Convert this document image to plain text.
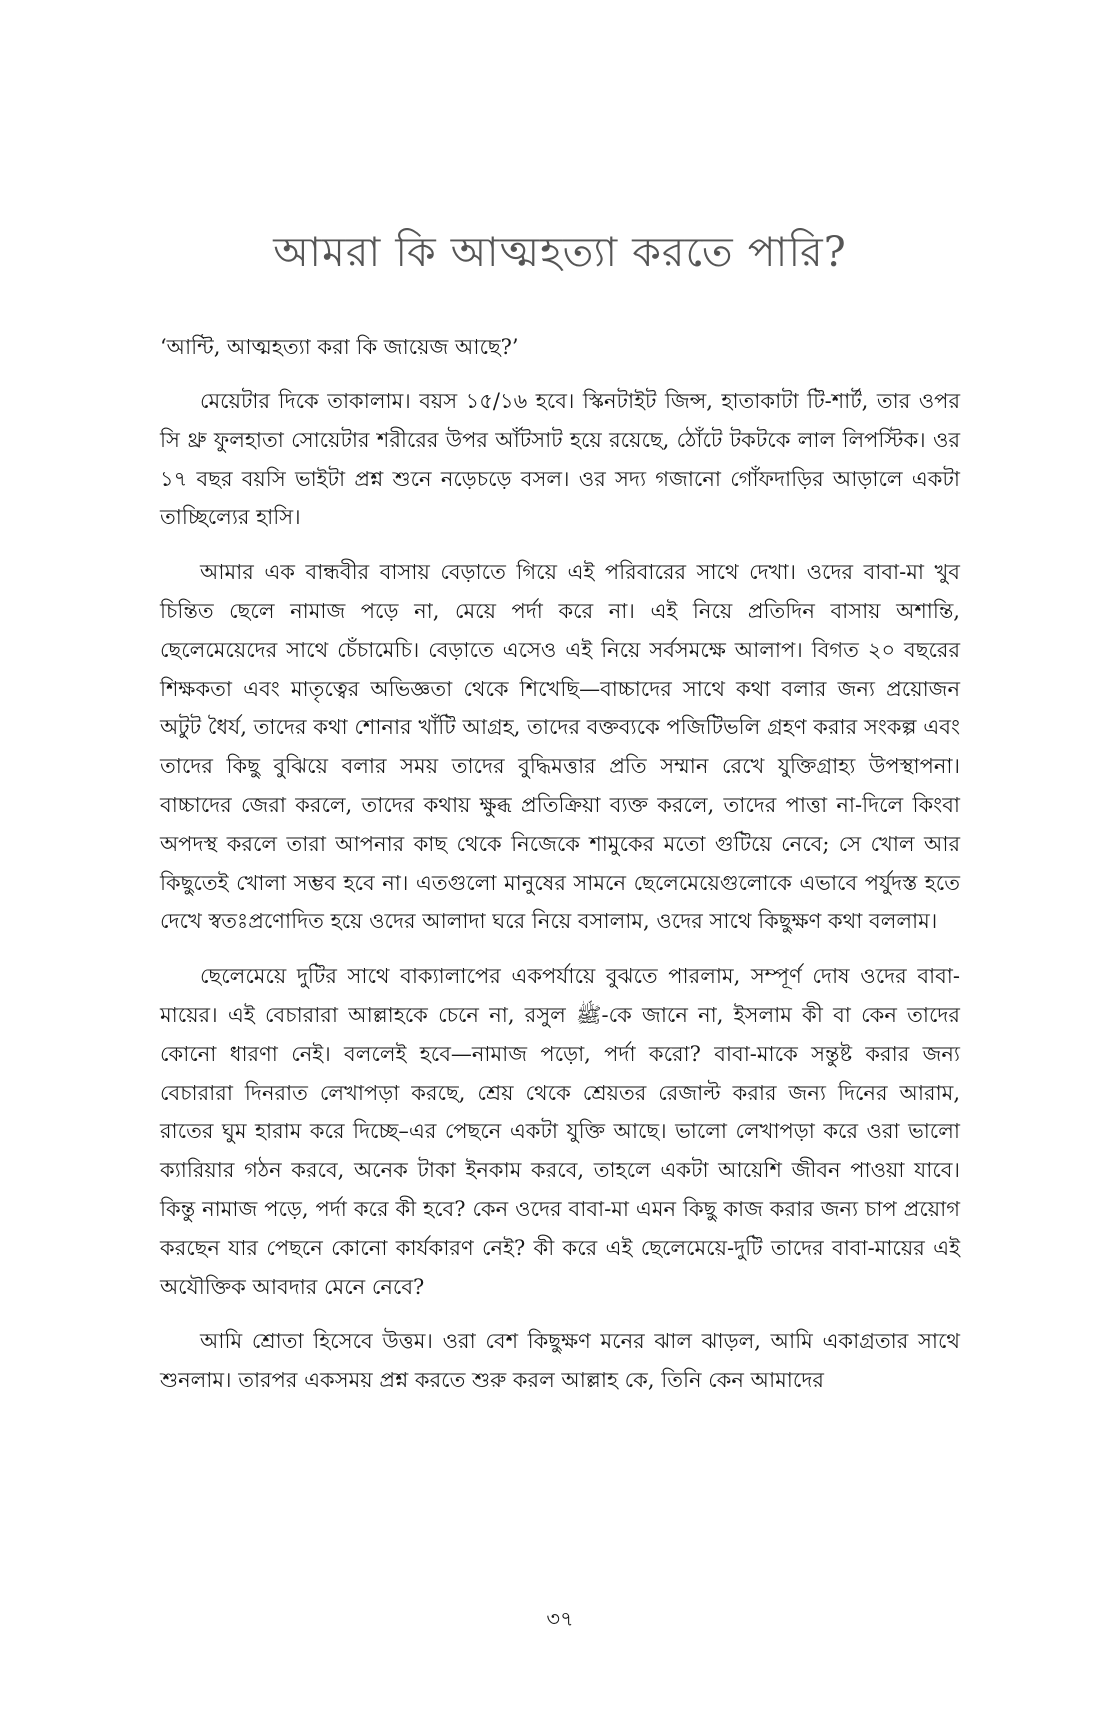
আমরা কি আত্মহত্যা করতে পারি?

‘আন্টি, আত্মহত্যা করা কি জায়েজ আছে?’

মেয়েটার দিকে তাকালাম। বয়স ১৫/১৬ হবে। স্কিনটাইট জিন্স, হাতাকাটা টি-শার্ট, তার ওপর সি থ্রু ফুলহাতা সোয়েটার শরীরের উপর আঁটসাট হয়ে রয়েছে, ঠোঁটে টকটকে লাল লিপস্টিক। ওর ১৭ বছর বয়সি ভাইটা প্রশ্ন শুনে নড়েচড়ে বসল। ওর সদ্য গজানো গোঁফদাড়ির আড়ালে একটা তাচ্ছিল্যের হাসি।

আমার এক বান্ধবীর বাসায় বেড়াতে গিয়ে এই পরিবারের সাথে দেখা। ওদের বাবা-মা খুব চিন্তিত ছেলে নামাজ পড়ে না, মেয়ে পর্দা করে না। এই নিয়ে প্রতিদিন বাসায় অশান্তি, ছেলেমেয়েদের সাথে চেঁচামেচি। বেড়াতে এসেও এই নিয়ে সর্বসমক্ষে আলাপ। বিগত ২০ বছরের শিক্ষকতা এবং মাতৃত্বের অভিজ্ঞতা থেকে শিখেছি—বাচ্চাদের সাথে কথা বলার জন্য প্রয়োজন অটুট ধৈর্য, তাদের কথা শোনার খাঁটি আগ্রহ, তাদের বক্তব্যকে পজিটিভলি গ্রহণ করার সংকল্প এবং তাদের কিছু বুঝিয়ে বলার সময় তাদের বুদ্ধিমত্তার প্রতি সম্মান রেখে যুক্তিগ্রাহ্য উপস্থাপনা। বাচ্চাদের জেরা করলে, তাদের কথায় ক্ষুব্ধ প্রতিক্রিয়া ব্যক্ত করলে, তাদের পাত্তা না-দিলে কিংবা অপদস্থ করলে তারা আপনার কাছ থেকে নিজেকে শামুকের মতো গুটিয়ে নেবে; সে খোল আর কিছুতেই খোলা সম্ভব হবে না। এতগুলো মানুষের সামনে ছেলেমেয়েগুলোকে এভাবে পর্যুদস্ত হতে দেখে স্বতঃপ্রণোদিত হয়ে ওদের আলাদা ঘরে নিয়ে বসালাম, ওদের সাথে কিছুক্ষণ কথা বললাম।

ছেলেমেয়ে দুটির সাথে বাক্যালাপের একপর্যায়ে বুঝতে পারলাম, সম্পূর্ণ দোষ ওদের বাবা-মায়ের। এই বেচারারা আল্লাহকে চেনে না, রসুল ﷺ-কে জানে না, ইসলাম কী বা কেন তাদের কোনো ধারণা নেই। বললেই হবে—নামাজ পড়ো, পর্দা করো? বাবা-মাকে সন্তুষ্ট করার জন্য বেচারারা দিনরাত লেখাপড়া করছে, শ্রেয় থেকে শ্রেয়তর রেজাল্ট করার জন্য দিনের আরাম, রাতের ঘুম হারাম করে দিচ্ছে–এর পেছনে একটা যুক্তি আছে। ভালো লেখাপড়া করে ওরা ভালো ক্যারিয়ার গঠন করবে, অনেক টাকা ইনকাম করবে, তাহলে একটা আয়েশি জীবন পাওয়া যাবে। কিন্তু নামাজ পড়ে, পর্দা করে কী হবে? কেন ওদের বাবা-মা এমন কিছু কাজ করার জন্য চাপ প্রয়োগ করছেন যার পেছনে কোনো কার্যকারণ নেই? কী করে এই ছেলেমেয়ে-দুটি তাদের বাবা-মায়ের এই অযৌক্তিক আবদার মেনে নেবে?

আমি শ্রোতা হিসেবে উত্তম। ওরা বেশ কিছুক্ষণ মনের ঝাল ঝাড়ল, আমি একাগ্রতার সাথে শুনলাম। তারপর একসময় প্রশ্ন করতে শুরু করল আল্লাহ কে, তিনি কেন আমাদের

৩৭
